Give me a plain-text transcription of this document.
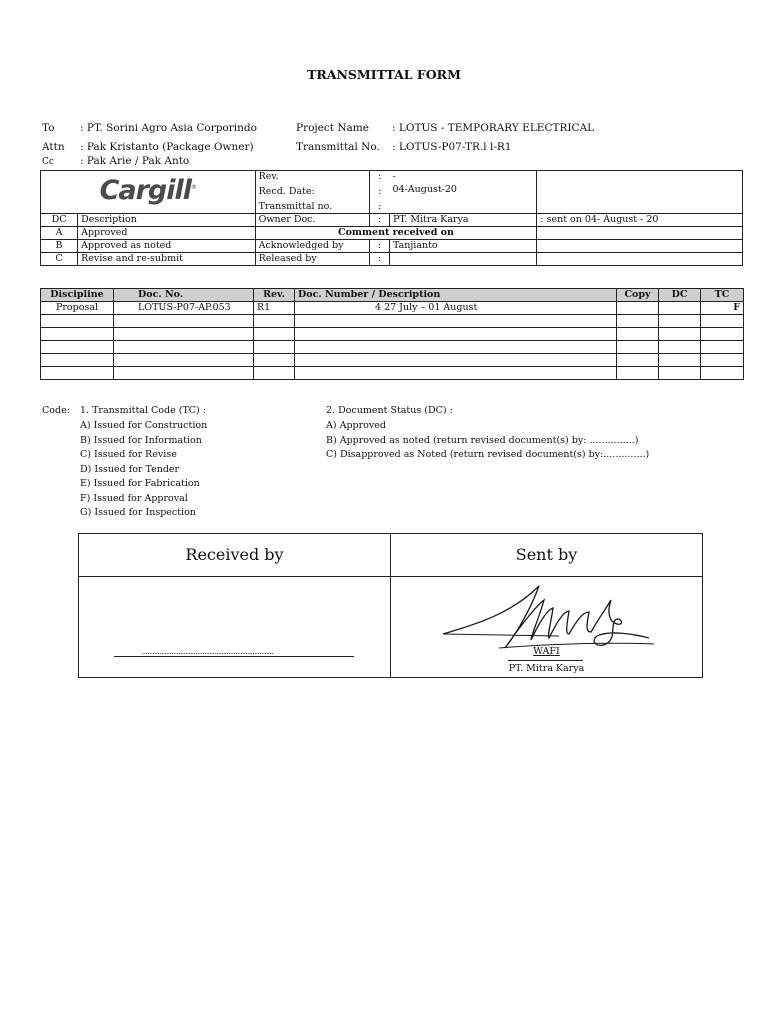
TRANSMITTAL FORM
To : PT. Sorini Agro Asia Corporindo
Attn : Pak Kristanto (Package Owner)
Cc : Pak Arie / Pak Anto
Project Name : LOTUS - TEMPORARY ELECTRICAL
Transmittal No. : LOTUS-P07-TR.l l-R1
Cargill®		Rev.	:	-	
		Recd. Date:	:	04-August-20	
		Transmittal no.	:		
DC	Description	Owner Doc.	:	PT. Mitra Karya	: sent on 04- August - 20
A	Approved	Comment received on			
B	Approved as noted	Acknowledged by	:	Tanjianto	
C	Revise and re-submit	Released by	:		
Discipline	Doc. No.	Rev.	Doc. Number / Description	Copy	DC	TC
Proposal	LOTUS-P07-AP.053	R1	4 27 July – 01 August			F

Code: 1. Transmittal Code (TC) :
A) Issued for Construction
B) Issued for Information
C) Issued for Revise
D) Issued for Tender
E) Issued for Fabrication
F) Issued for Approval
G) Issued for Inspection
2. Document Status (DC) :
A) Approved
B) Approved as noted (return revised document(s) by: ...............)
C) Disapproved as Noted (return revised document(s) by:..............)
Received by
............................................................................
Sent by
WAFI
PT. Mitra Karya
